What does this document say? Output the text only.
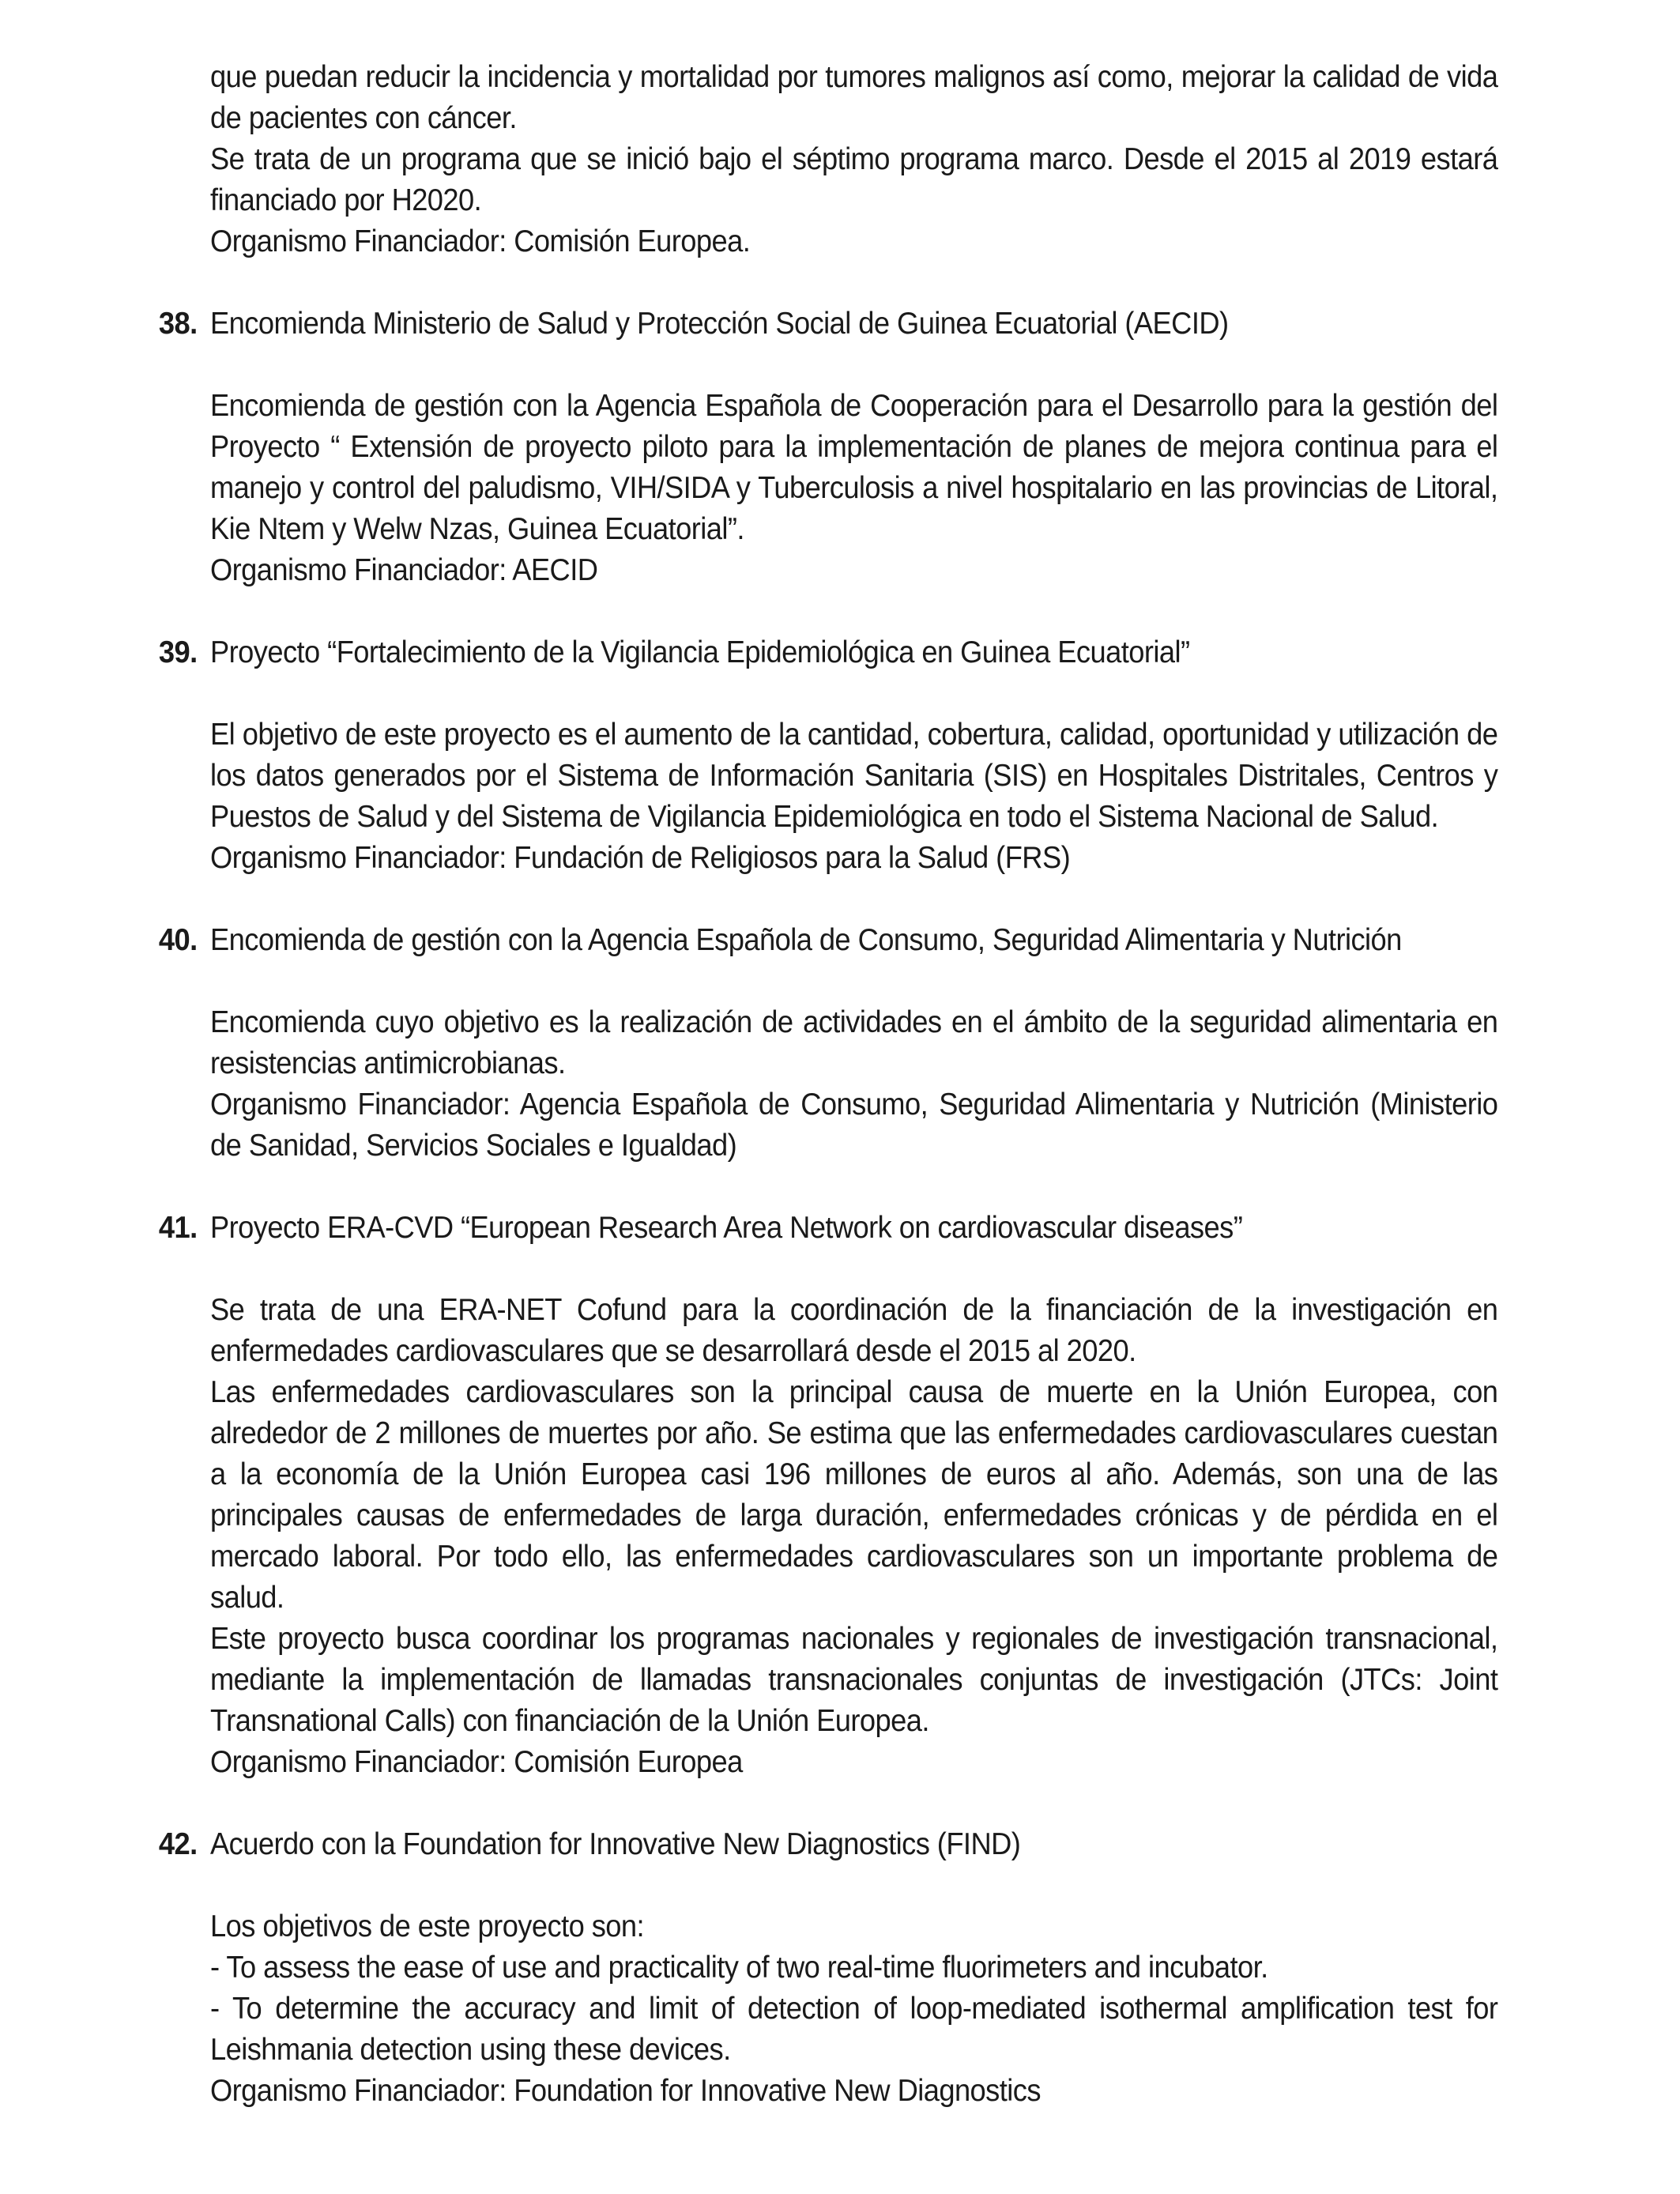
que puedan reducir la incidencia y mortalidad por tumores malignos así como, mejorar la calidad de vida de pacientes con cáncer.

Se trata de un programa que se inició bajo el séptimo programa marco. Desde el 2015 al 2019 estará financiado por H2020.

Organismo Financiador: Comisión Europea.

38. Encomienda Ministerio de Salud y Protección Social de Guinea Ecuatorial (AECID)

Encomienda de gestión con la Agencia Española de Cooperación para el Desarrollo para la gestión del Proyecto “ Extensión de proyecto piloto para la implementación de planes de mejora continua para el manejo y control del paludismo, VIH/SIDA y Tuberculosis a nivel hospitalario en las provincias de Litoral, Kie Ntem y Welw Nzas, Guinea Ecuatorial”.

Organismo Financiador: AECID

39. Proyecto “Fortalecimiento de la Vigilancia Epidemiológica en Guinea Ecuatorial”

El objetivo de este proyecto es el aumento de la cantidad, cobertura, calidad, oportunidad y utilización de los datos generados por el Sistema de Información Sanitaria (SIS) en Hospitales Distritales, Centros y Puestos de Salud y del Sistema de Vigilancia Epidemiológica en todo el Sistema Nacional de Salud.

Organismo Financiador: Fundación de Religiosos para la Salud (FRS)

40. Encomienda de gestión con la Agencia Española de Consumo, Seguridad Alimentaria y Nutrición

Encomienda cuyo objetivo es la realización de actividades en el ámbito de la seguridad alimentaria en resistencias antimicrobianas.

Organismo Financiador: Agencia Española de Consumo, Seguridad Alimentaria y Nutrición (Ministerio de Sanidad, Servicios Sociales e Igualdad)

41. Proyecto ERA-CVD “European Research Area Network on cardiovascular diseases”

Se trata de una ERA-NET Cofund para la coordinación de la financiación de la investigación en enfermedades cardiovasculares que se desarrollará desde el 2015 al 2020.

Las enfermedades cardiovasculares son la principal causa de muerte en la Unión Europea, con alrededor de 2 millones de muertes por año. Se estima que las enfermedades cardiovasculares cuestan a la economía de la Unión Europea casi 196 millones de euros al año. Además, son una de las principales causas de enfermedades de larga duración, enfermedades crónicas y de pérdida en el mercado laboral. Por todo ello, las enfermedades cardiovasculares son un importante problema de salud.

Este proyecto busca coordinar los programas nacionales y regionales de investigación transnacional, mediante la implementación de llamadas transnacionales conjuntas de investigación (JTCs: Joint Transnational Calls) con financiación de la Unión Europea.

Organismo Financiador: Comisión Europea

42. Acuerdo con la Foundation for Innovative New Diagnostics (FIND)

Los objetivos de este proyecto son:

- To assess the ease of use and practicality of two real-time fluorimeters and incubator.

- To determine the accuracy and limit of detection of loop-mediated isothermal amplification test for Leishmania detection using these devices.

Organismo Financiador: Foundation for Innovative New Diagnostics
